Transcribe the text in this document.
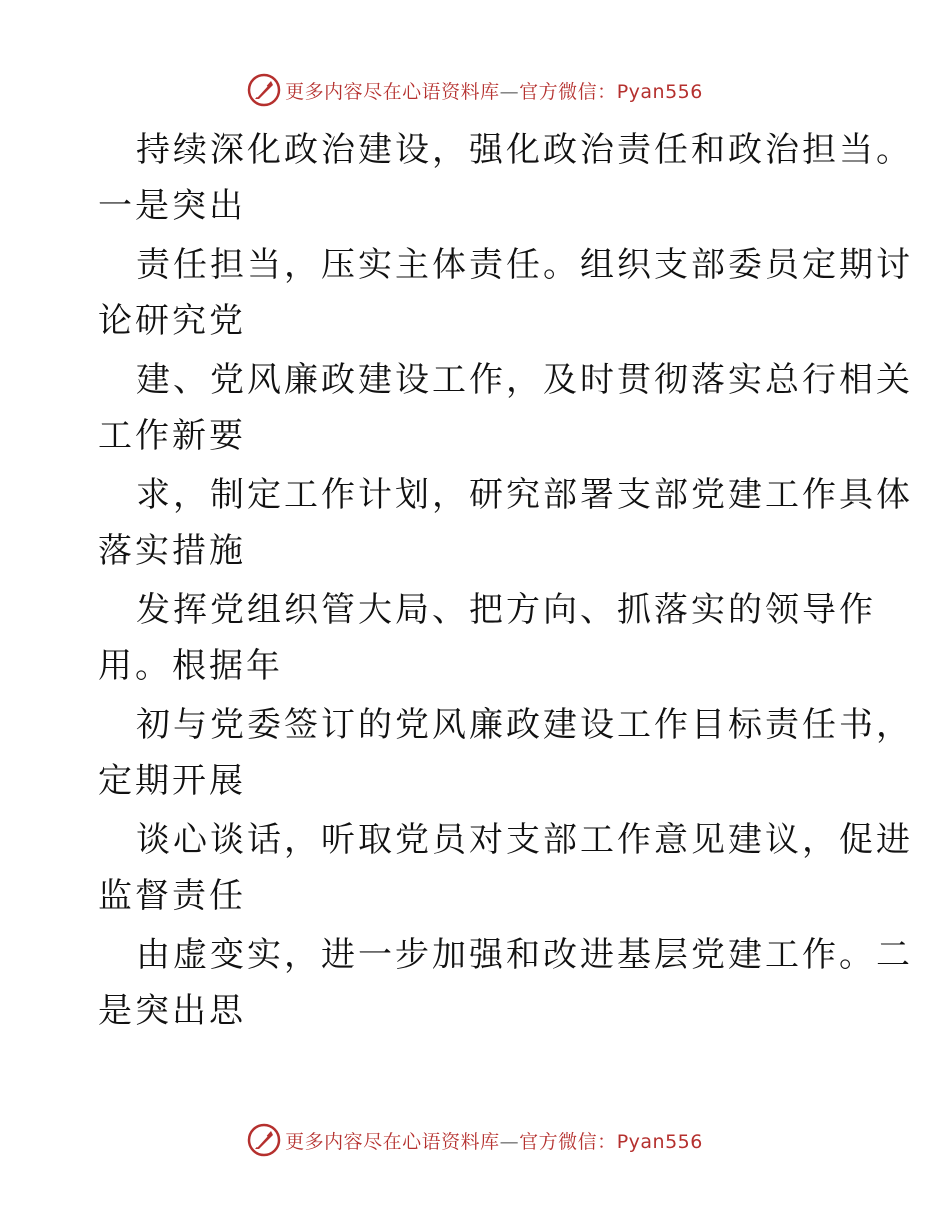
更多内容尽在心语资料库—官方微信：Pyan556

持续深化政治建设，强化政治责任和政治担当。
一是突出

责任担当，压实主体责任。组织支部委员定期讨
论研究党

建、党风廉政建设工作，及时贯彻落实总行相关
工作新要

求，制定工作计划，研究部署支部党建工作具体
落实措施

发挥党组织管大局、把方向、抓落实的领导作
用。根据年

初与党委签订的党风廉政建设工作目标责任书，
定期开展

谈心谈话，听取党员对支部工作意见建议，促进
监督责任

由虚变实，进一步加强和改进基层党建工作。二
是突出思

更多内容尽在心语资料库—官方微信：Pyan556
